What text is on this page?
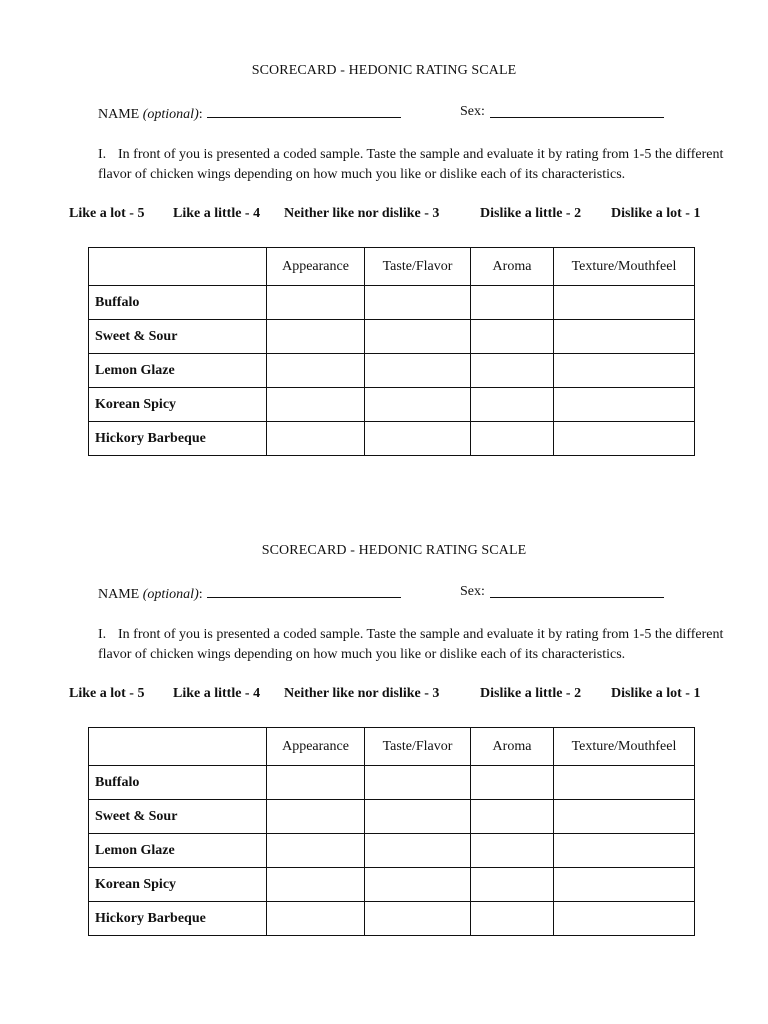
SCORECARD - HEDONIC RATING SCALE
NAME (optional):	Sex:
I. In front of you is presented a coded sample. Taste the sample and evaluate it by rating from 1-5 the different flavor of chicken wings depending on how much you like or dislike each of its characteristics.
Like a lot - 5 Like a little - 4 Neither like nor dislike - 3	Dislike a little - 2 Dislike a lot - 1
	Appearance	Taste/Flavor	Aroma	Texture/Mouthfeel
Buffalo				
Sweet & Sour				
Lemon Glaze				
Korean Spicy				
Hickory Barbeque				
SCORECARD - HEDONIC RATING SCALE
NAME (optional):	Sex:
I. In front of you is presented a coded sample. Taste the sample and evaluate it by rating from 1-5 the different flavor of chicken wings depending on how much you like or dislike each of its characteristics.
Like a lot - 5 Like a little - 4 Neither like nor dislike - 3	Dislike a little - 2 Dislike a lot - 1
	Appearance	Taste/Flavor	Aroma	Texture/Mouthfeel
Buffalo				
Sweet & Sour				
Lemon Glaze				
Korean Spicy				
Hickory Barbeque				
